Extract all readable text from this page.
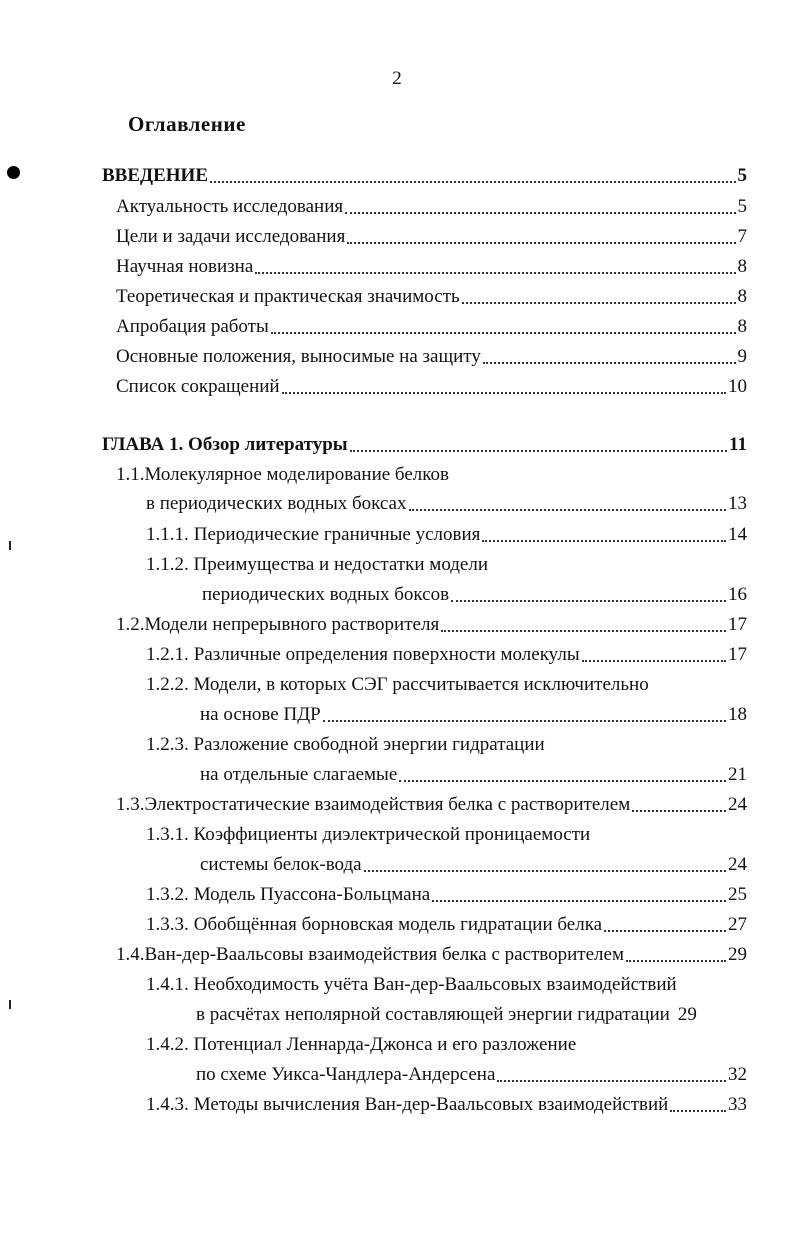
2
Оглавление
ВВЕДЕНИЕ	5
Актуальность исследования	5
Цели и задачи исследования	7
Научная новизна	8
Теоретическая и практическая значимость	8
Апробация работы	8
Основные положения, выносимые на защиту	9
Список сокращений	10
ГЛАВА 1. Обзор литературы	11
1.1.Молекулярное моделирование белков
в периодических водных боксах	13
1.1.1. Периодические граничные условия	14
1.1.2. Преимущества и недостатки модели
периодических водных боксов	16
1.2. Модели непрерывного растворителя	17
1.2.1. Различные определения поверхности молекулы	17
1.2.2. Модели, в которых СЭГ рассчитывается исключительно
на основе ПДР	18
1.2.3. Разложение свободной энергии гидратации
на отдельные слагаемые	21
1.3. Электростатические взаимодействия белка с растворителем	24
1.3.1. Коэффициенты диэлектрической проницаемости
системы белок-вода	24
1.3.2. Модель Пуассона-Больцмана	25
1.3.3. Обобщённая борновская модель гидратации белка	27
1.4. Ван-дер-Ваальсовы взаимодействия белка с растворителем	29
1.4.1. Необходимость учёта Ван-дер-Ваальсовых взаимодействий
в расчётах неполярной составляющей энергии гидратации 29
1.4.2. Потенциал Леннарда-Джонса и его разложение
по схеме Уикса-Чандлера-Андерсена	32
1.4.3. Методы вычисления Ван-дер-Ваальсовых взаимодействий	33
